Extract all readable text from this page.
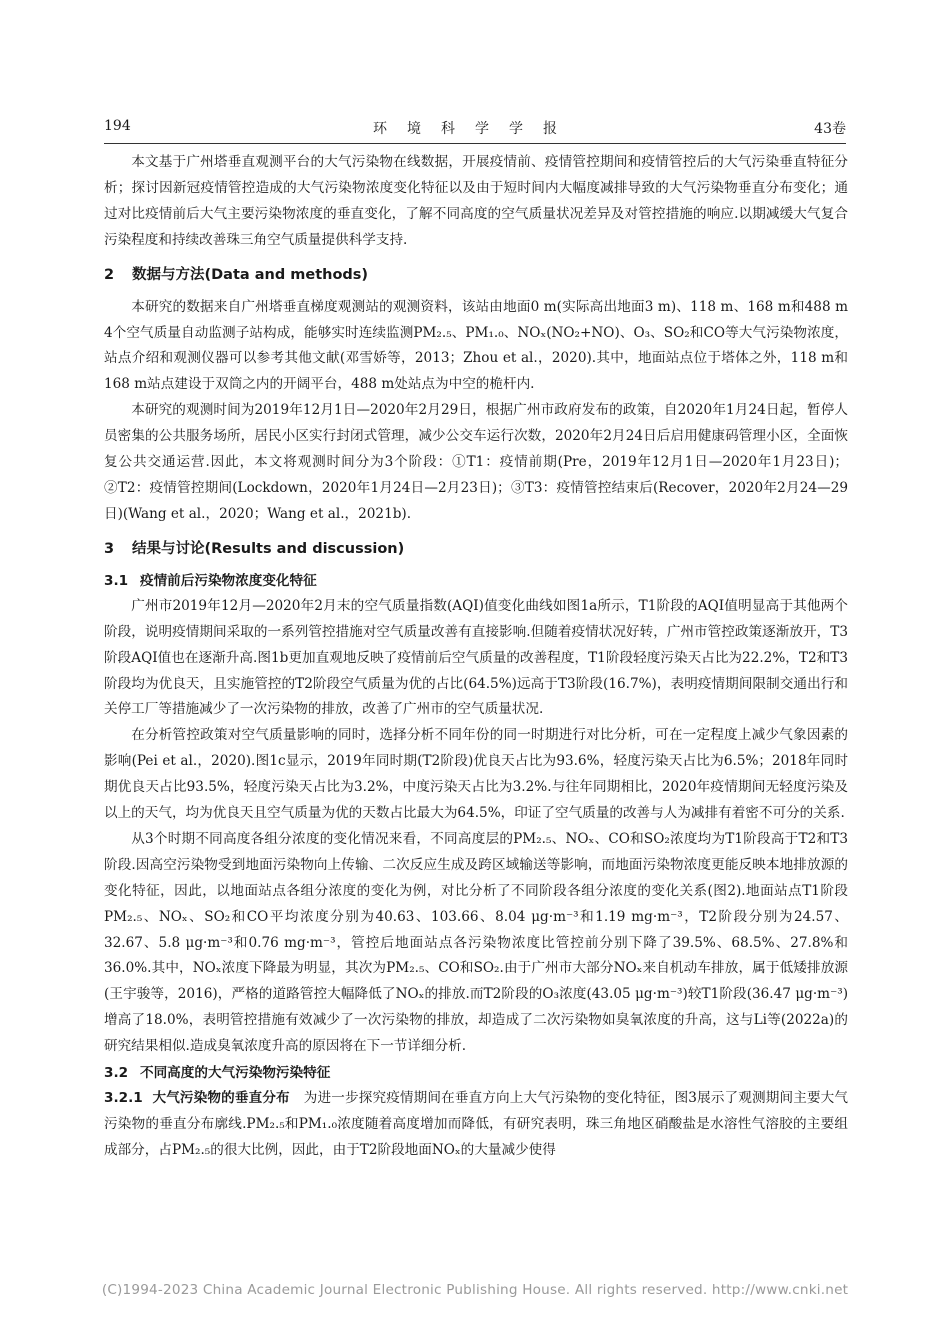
194	环境科学学报	43卷

本文基于广州塔垂直观测平台的大气污染物在线数据，开展疫情前、疫情管控期间和疫情管控后的大气污染垂直特征分析；探讨因新冠疫情管控造成的大气污染物浓度变化特征以及由于短时间内大幅度减排导致的大气污染物垂直分布变化；通过对比疫情前后大气主要污染物浓度的垂直变化，了解不同高度的空气质量状况差异及对管控措施的响应.以期减缓大气复合污染程度和持续改善珠三角空气质量提供科学支持.

2 数据与方法(Data and methods)

本研究的数据来自广州塔垂直梯度观测站的观测资料，该站由地面0 m(实际高出地面3 m)、118 m、168 m和488 m 4个空气质量自动监测子站构成，能够实时连续监测PM₂.₅、PM₁.₀、NOₓ(NO₂+NO)、O₃、SO₂和CO等大气污染物浓度，站点介绍和观测仪器可以参考其他文献(邓雪娇等，2013；Zhou et al.，2020).其中，地面站点位于塔体之外，118 m和168 m站点建设于双筒之内的开阔平台，488 m处站点为中空的桅杆内.

本研究的观测时间为2019年12月1日—2020年2月29日，根据广州市政府发布的政策，自2020年1月24日起，暂停人员密集的公共服务场所，居民小区实行封闭式管理，减少公交车运行次数，2020年2月24日后启用健康码管理小区，全面恢复公共交通运营.因此，本文将观测时间分为3个阶段：①T1：疫情前期(Pre，2019年12月1日—2020年1月23日)；②T2：疫情管控期间(Lockdown，2020年1月24日—2月23日)；③T3：疫情管控结束后(Recover，2020年2月24—29日)(Wang et al.，2020；Wang et al.，2021b).

3 结果与讨论(Results and discussion)
3.1 疫情前后污染物浓度变化特征

广州市2019年12月—2020年2月末的空气质量指数(AQI)值变化曲线如图1a所示，T1阶段的AQI值明显高于其他两个阶段，说明疫情期间采取的一系列管控措施对空气质量改善有直接影响.但随着疫情状况好转，广州市管控政策逐渐放开，T3阶段AQI值也在逐渐升高.图1b更加直观地反映了疫情前后空气质量的改善程度，T1阶段轻度污染天占比为22.2%，T2和T3阶段均为优良天，且实施管控的T2阶段空气质量为优的占比(64.5%)远高于T3阶段(16.7%)，表明疫情期间限制交通出行和关停工厂等措施减少了一次污染物的排放，改善了广州市的空气质量状况.

在分析管控政策对空气质量影响的同时，选择分析不同年份的同一时期进行对比分析，可在一定程度上减少气象因素的影响(Pei et al.，2020).图1c显示，2019年同时期(T2阶段)优良天占比为93.6%，轻度污染天占比为6.5%；2018年同时期优良天占比93.5%，轻度污染天占比为3.2%，中度污染天占比为3.2%.与往年同期相比，2020年疫情期间无轻度污染及以上的天气，均为优良天且空气质量为优的天数占比最大为64.5%，印证了空气质量的改善与人为减排有着密不可分的关系.

从3个时期不同高度各组分浓度的变化情况来看，不同高度层的PM₂.₅、NOₓ、CO和SO₂浓度均为T1阶段高于T2和T3阶段.因高空污染物受到地面污染物向上传输、二次反应生成及跨区域输送等影响，而地面污染物浓度更能反映本地排放源的变化特征，因此，以地面站点各组分浓度的变化为例，对比分析了不同阶段各组分浓度的变化关系(图2).地面站点T1阶段PM₂.₅、NOₓ、SO₂和CO平均浓度分别为40.63、103.66、8.04 μg·m⁻³和1.19 mg·m⁻³，T2阶段分别为24.57、32.67、5.8 μg·m⁻³和0.76 mg·m⁻³，管控后地面站点各污染物浓度比管控前分别下降了39.5%、68.5%、27.8%和36.0%.其中，NOₓ浓度下降最为明显，其次为PM₂.₅、CO和SO₂.由于广州市大部分NOₓ来自机动车排放，属于低矮排放源(王宇骏等，2016)，严格的道路管控大幅降低了NOₓ的排放.而T2阶段的O₃浓度(43.05 μg·m⁻³)较T1阶段(36.47 μg·m⁻³)增高了18.0%，表明管控措施有效减少了一次污染物的排放，却造成了二次污染物如臭氧浓度的升高，这与Li等(2022a)的研究结果相似.造成臭氧浓度升高的原因将在下一节详细分析.

3.2 不同高度的大气污染物污染特征

3.2.1 大气污染物的垂直分布 为进一步探究疫情期间在垂直方向上大气污染物的变化特征，图3展示了观测期间主要大气污染物的垂直分布廓线.PM₂.₅和PM₁.₀浓度随着高度增加而降低，有研究表明，珠三角地区硝酸盐是水溶性气溶胶的主要组成部分，占PM₂.₅的很大比例，因此，由于T2阶段地面NOₓ的大量减少使得

(C)1994-2023 China Academic Journal Electronic Publishing House. All rights reserved. http://www.cnki.net
